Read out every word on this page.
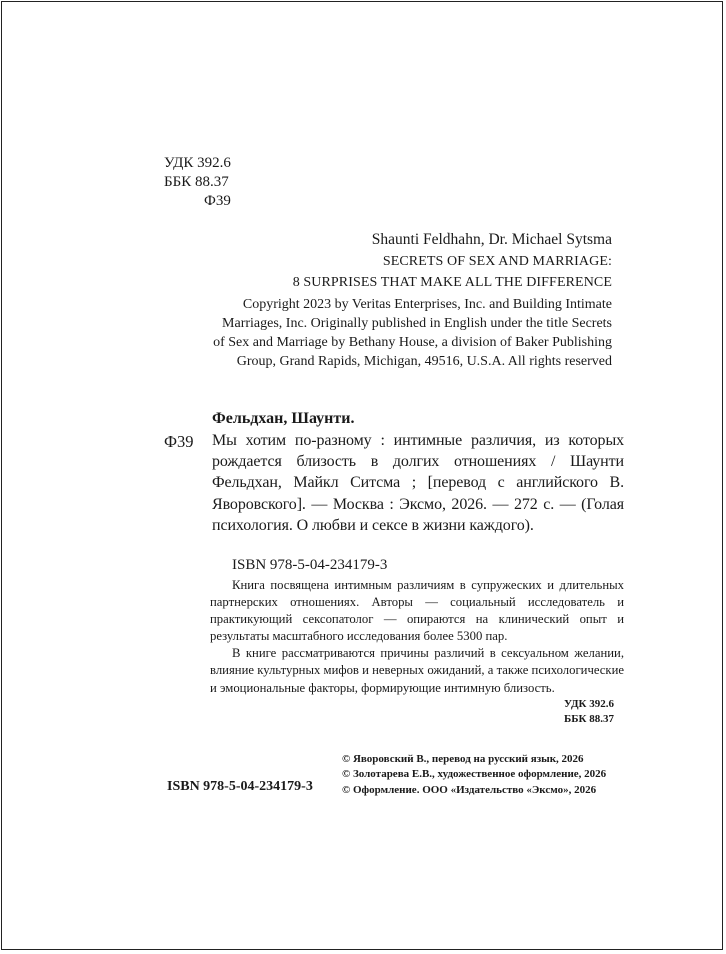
УДК 392.6
ББК 88.37
Ф39
Shaunti Feldhahn, Dr. Michael Sytsma
SECRETS OF SEX AND MARRIAGE:
8 SURPRISES THAT MAKE ALL THE DIFFERENCE
Copyright 2023 by Veritas Enterprises, Inc. and Building Intimate
Marriages, Inc. Originally published in English under the title Secrets
of Sex and Marriage by Bethany House, a division of Baker Publishing
Group, Grand Rapids, Michigan, 49516, U.S.A. All rights reserved
Фельдхан, Шаунти.
Ф39 Мы хотим по-разному : интимные различия, из которых рождается близость в долгих отношениях / Шаунти Фельдхан, Майкл Ситсма ; [перевод с английского В. Яворовского]. — Москва : Эксмо, 2026. — 272 с. — (Голая психология. О любви и сексе в жизни каждого).
ISBN 978-5-04-234179-3

Книга посвящена интимным различиям в супружеских и длительных партнерских отношениях. Авторы — социальный исследователь и практикующий сексопатолог — опираются на клинический опыт и результаты масштабного исследования более 5300 пар.

В книге рассматриваются причины различий в сексуальном желании, влияние культурных мифов и неверных ожиданий, а также психологические и эмоциональные факторы, формирующие интимную близость.

УДК 392.6
ББК 88.37
ISBN 978-5-04-234179-3
© Яворовский В., перевод на русский язык, 2026
© Золотарева Е.В., художественное оформление, 2026
© Оформление. ООО «Издательство «Эксмо», 2026
